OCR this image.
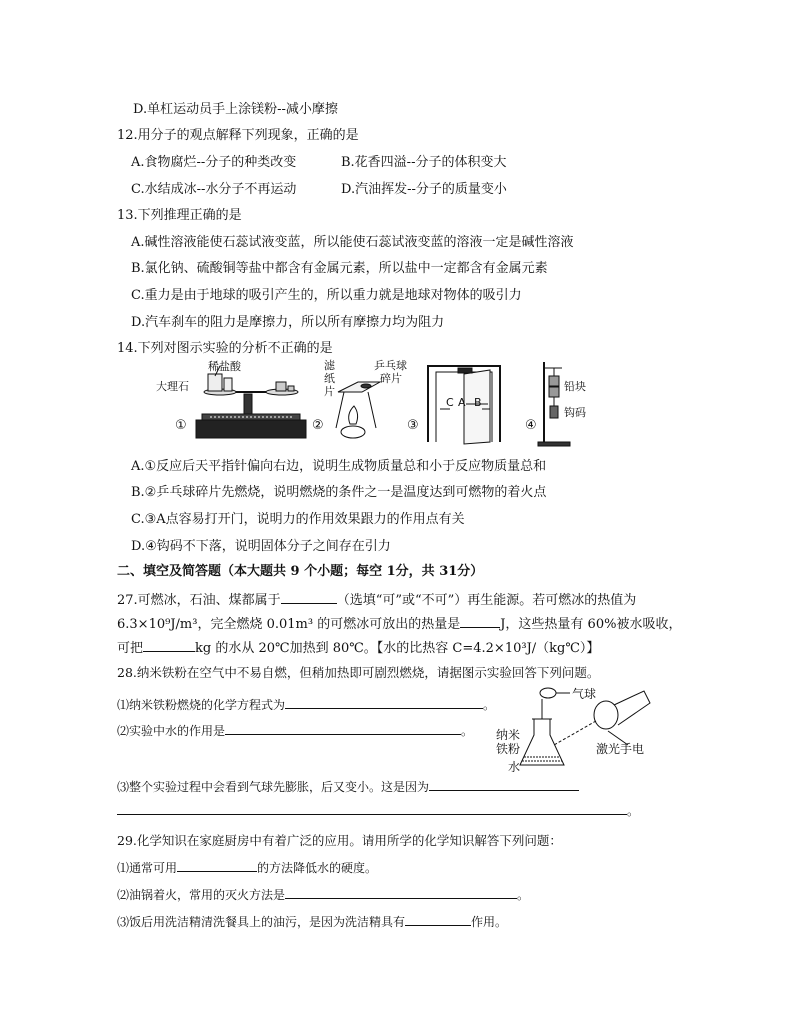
D.单杠运动员手上涂镁粉--减小摩擦
12.用分子的观点解释下列现象，正确的是
A.食物腐烂--分子的种类改变	B.花香四溢--分子的体积变大
C.水结成冰--水分子不再运动	D.汽油挥发--分子的质量变小
13.下列推理正确的是
A.碱性溶液能使石蕊试液变蓝，所以能使石蕊试液变蓝的溶液一定是碱性溶液
B.氯化钠、硫酸铜等盐中都含有金属元素，所以盐中一定都含有金属元素
C.重力是由于地球的吸引产生的，所以重力就是地球对物体的吸引力
D.汽车刹车的阻力是摩擦力，所以所有摩擦力均为阻力
14.下列对图示实验的分析不正确的是
①
稀盐酸
大理石
②
滤
纸
片
乒乓球
碎片
③
C A B
④
铅块
钩码
A.①反应后天平指针偏向右边，说明生成物质量总和小于反应物质量总和
B.②乒乓球碎片先燃烧，说明燃烧的条件之一是温度达到可燃物的着火点
C.③A点容易打开门，说明力的作用效果跟力的作用点有关
D.④钩码不下落，说明固体分子之间存在引力
二、填空及简答题（本大题共 9 个小题；每空 1分，共 31分）
27.可燃冰，石油、煤都属于	（选填“可”或“不可”）再生能源。若可燃冰的热值为
6.3×10⁹J/m³，完全燃烧 0.01m³ 的可燃冰可放出的热量是	J，这些热量有 60%被水吸收，
可把	kg 的水从 20℃加热到 80℃。【水的比热容 C=4.2×10³J/（kg℃）】
28.纳米铁粉在空气中不易自燃，但稍加热即可剧烈燃烧，请据图示实验回答下列问题。
⑴纳米铁粉燃烧的化学方程式为	。
⑵实验中水的作用是	。
气球
纳米
铁粉
水
激光手电
⑶整个实验过程中会看到气球先膨胀，后又变小。这是因为
。
29.化学知识在家庭厨房中有着广泛的应用。请用所学的化学知识解答下列问题：
⑴通常可用	的方法降低水的硬度。
⑵油锅着火，常用的灭火方法是	。
⑶饭后用洗洁精清洗餐具上的油污，是因为洗洁精具有	作用。
